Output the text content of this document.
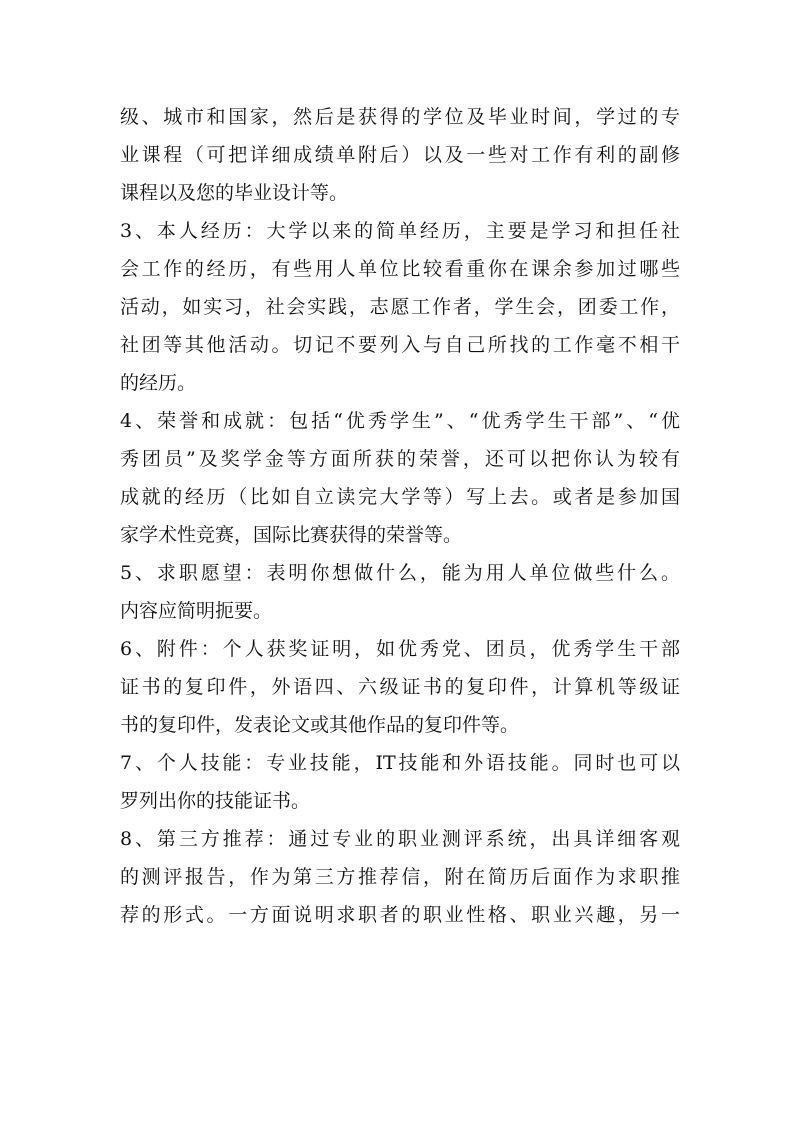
级、城市和国家，然后是获得的学位及毕业时间，学过的专
业课程（可把详细成绩单附后）以及一些对工作有利的副修
课程以及您的毕业设计等。
3、本人经历：大学以来的简单经历，主要是学习和担任社
会工作的经历，有些用人单位比较看重你在课余参加过哪些
活动，如实习，社会实践，志愿工作者，学生会，团委工作，
社团等其他活动。切记不要列入与自己所找的工作毫不相干
的经历。
4、荣誉和成就：包括“优秀学生”、“优秀学生干部”、“优
秀团员”及奖学金等方面所获的荣誉，还可以把你认为较有
成就的经历（比如自立读完大学等）写上去。或者是参加国
家学术性竞赛，国际比赛获得的荣誉等。
5、求职愿望：表明你想做什么，能为用人单位做些什么。
内容应简明扼要。
6、附件：个人获奖证明，如优秀党、团员，优秀学生干部
证书的复印件，外语四、六级证书的复印件，计算机等级证
书的复印件，发表论文或其他作品的复印件等。
7、个人技能：专业技能，IT技能和外语技能。同时也可以
罗列出你的技能证书。
8、第三方推荐：通过专业的职业测评系统，出具详细客观
的测评报告，作为第三方推荐信，附在简历后面作为求职推
荐的形式。一方面说明求职者的职业性格、职业兴趣，另一
